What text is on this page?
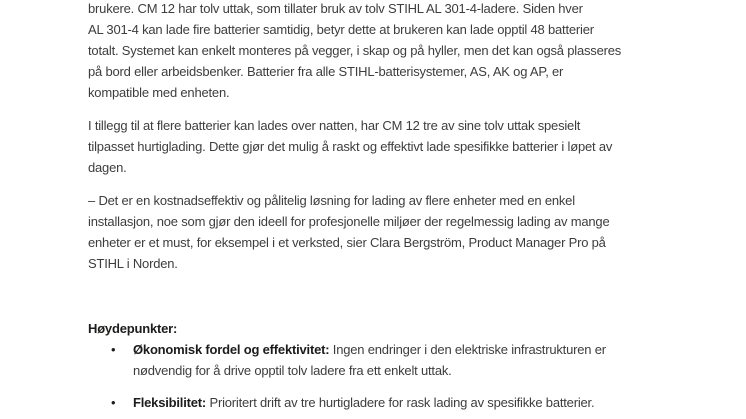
brukere. CM 12 har tolv uttak, som tillater bruk av tolv STIHL AL 301-4-ladere. Siden hver
AL 301-4 kan lade fire batterier samtidig, betyr dette at brukeren kan lade opptil 48 batterier
totalt. Systemet kan enkelt monteres på vegger, i skap og på hyller, men det kan også plasseres
på bord eller arbeidsbenker. Batterier fra alle STIHL-batterisystemer, AS, AK og AP, er
kompatible med enheten.
I tillegg til at flere batterier kan lades over natten, har CM 12 tre av sine tolv uttak spesielt
tilpasset hurtiglading. Dette gjør det mulig å raskt og effektivt lade spesifikke batterier i løpet av
dagen.
– Det er en kostnadseffektiv og pålitelig løsning for lading av flere enheter med en enkel
installasjon, noe som gjør den ideell for profesjonelle miljøer der regelmessig lading av mange
enheter er et must, for eksempel i et verksted, sier Clara Bergström, Product Manager Pro på
STIHL i Norden.
Høydepunkter:
•	Økonomisk fordel og effektivitet: Ingen endringer i den elektriske infrastrukturen er
nødvendig for å drive opptil tolv ladere fra ett enkelt uttak.
•	Fleksibilitet: Prioritert drift av tre hurtigladere for rask lading av spesifikke batterier.
